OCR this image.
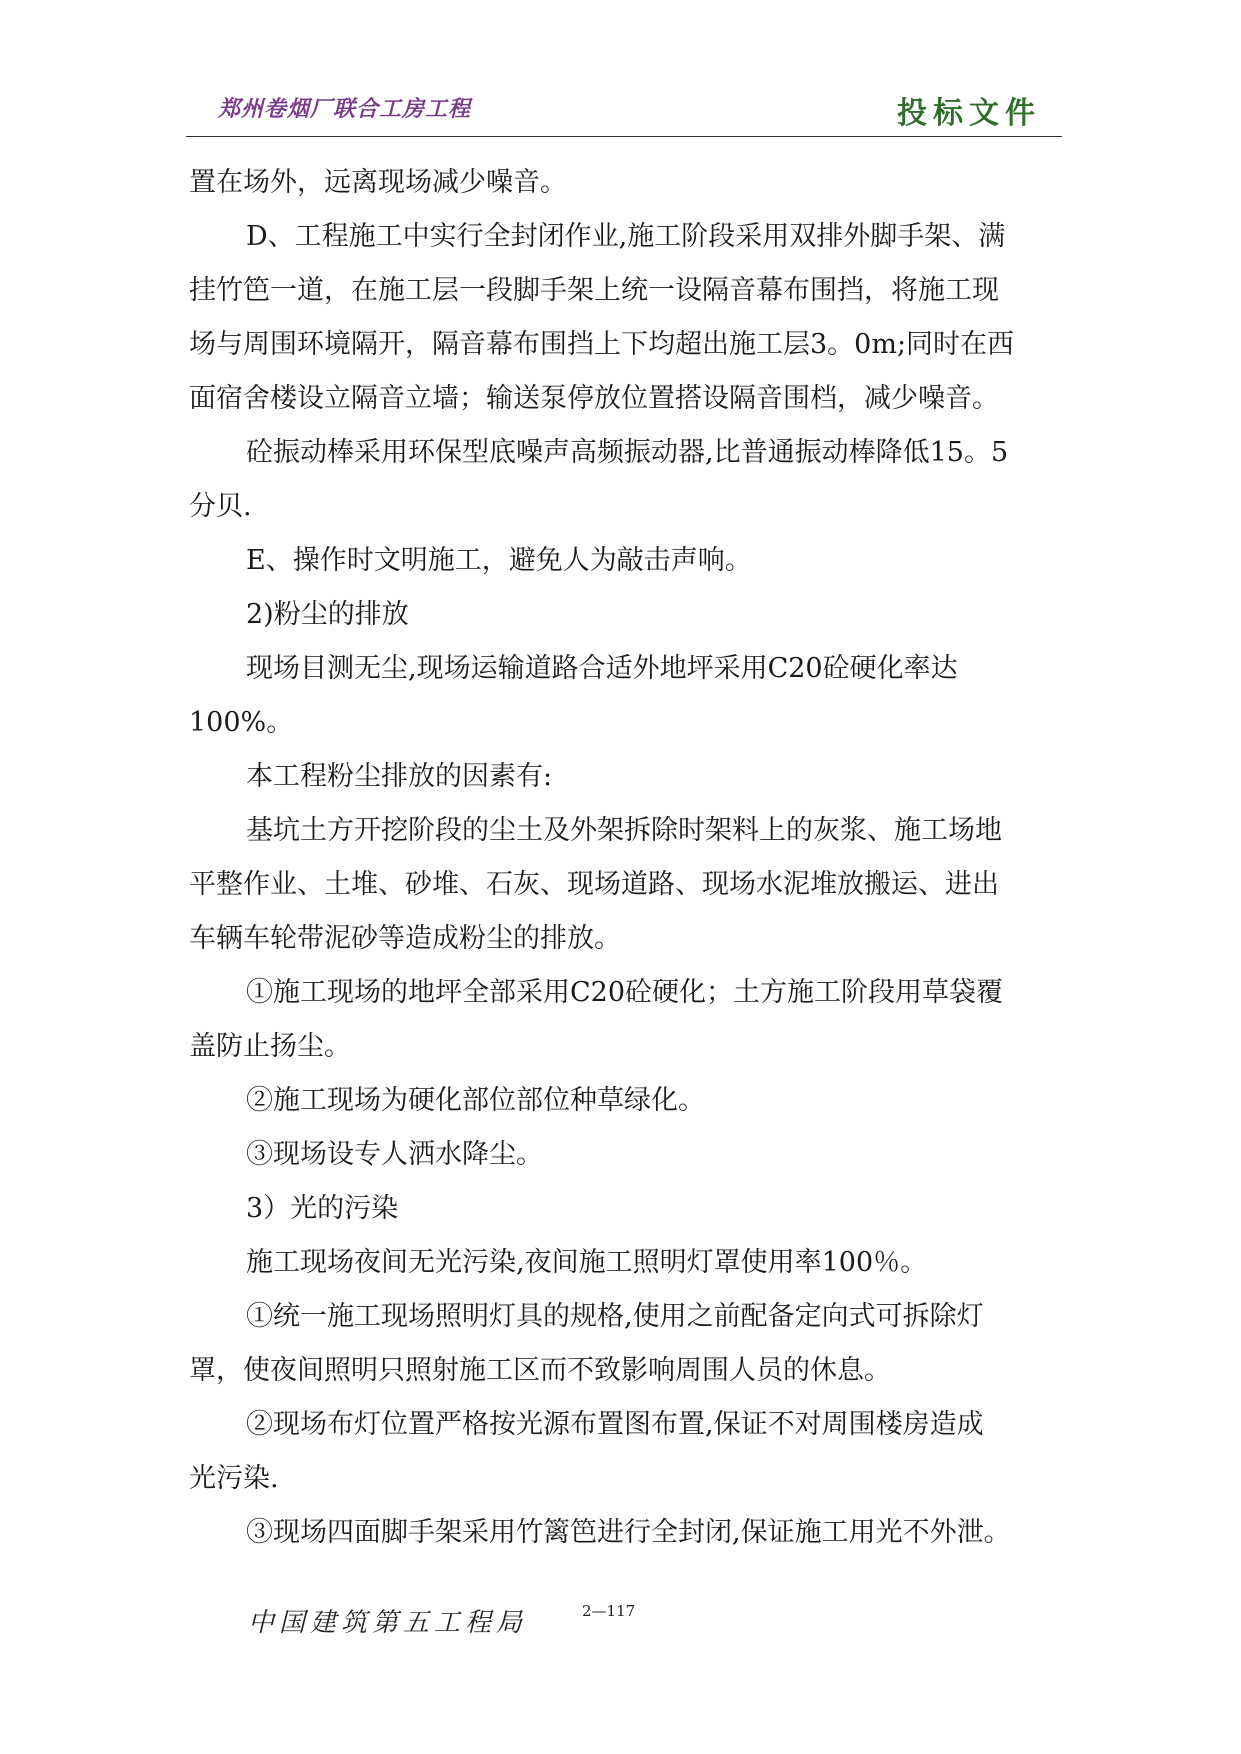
郑州卷烟厂联合工房工程	投标文件
置在场外，远离现场减少噪音。
D、工程施工中实行全封闭作业,施工阶段采用双排外脚手架、满
挂竹笆一道，在施工层一段脚手架上统一设隔音幕布围挡，将施工现
场与周围环境隔开，隔音幕布围挡上下均超出施工层3。0m;同时在西
面宿舍楼设立隔音立墙；输送泵停放位置搭设隔音围档，减少噪音。
砼振动棒采用环保型底噪声高频振动器,比普通振动棒降低15。5
分贝.
E、操作时文明施工，避免人为敲击声响。
2)粉尘的排放
现场目测无尘,现场运输道路合适外地坪采用C20砼硬化率达
100%。
本工程粉尘排放的因素有:
基坑土方开挖阶段的尘土及外架拆除时架料上的灰浆、施工场地
平整作业、土堆、砂堆、石灰、现场道路、现场水泥堆放搬运、进出
车辆车轮带泥砂等造成粉尘的排放。
①施工现场的地坪全部采用C20砼硬化；土方施工阶段用草袋覆
盖防止扬尘。
②施工现场为硬化部位部位种草绿化。
③现场设专人洒水降尘。
3）光的污染
施工现场夜间无光污染,夜间施工照明灯罩使用率100％。
①统一施工现场照明灯具的规格,使用之前配备定向式可拆除灯
罩，使夜间照明只照射施工区而不致影响周围人员的休息。
②现场布灯位置严格按光源布置图布置,保证不对周围楼房造成
光污染.
③现场四面脚手架采用竹篱笆进行全封闭,保证施工用光不外泄。
中国建筑第五工程局	2—117
